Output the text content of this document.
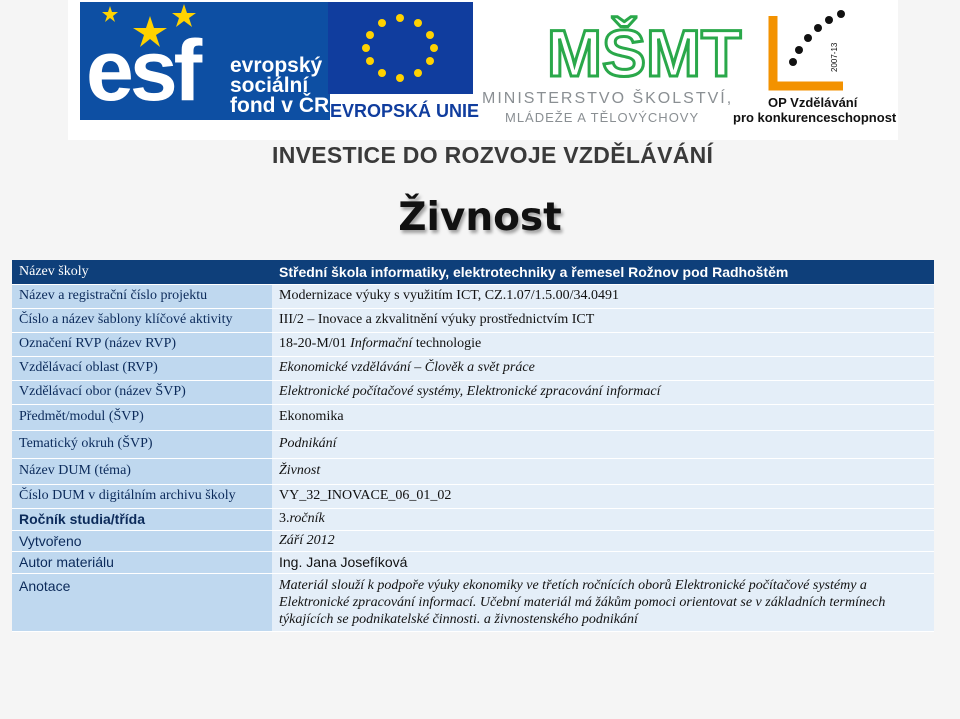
esf evropský
sociální
fond v ČR EVROPSKÁ UNIE
MŠMT
MINISTERSTVO ŠKOLSTVÍ,
MLÁDEŽE A TĚLOVÝCHOVY
2007-13
OP Vzdělávání
pro konkurenceschopnost
INVESTICE DO ROZVOJE VZDĚLÁVÁNÍ
Živnost
Název školy	Střední škola informatiky, elektrotechniky a řemesel Rožnov pod Radhoštěm
Název a registrační číslo projektu	Modernizace výuky s využitím ICT, CZ.1.07/1.5.00/34.0491
Číslo a název šablony klíčové aktivity	III/2 – Inovace a zkvalitnění výuky prostřednictvím ICT
Označení RVP (název RVP)	18-20-M/01 Informační technologie
Vzdělávací oblast (RVP)	Ekonomické vzdělávání – Člověk a svět práce
Vzdělávací obor (název ŠVP)	Elektronické počítačové systémy, Elektronické zpracování informací
Předmět/modul (ŠVP)	Ekonomika
Tematický okruh (ŠVP)	Podnikání
Název DUM (téma)	Živnost
Číslo DUM v digitálním archivu školy	VY_32_INOVACE_06_01_02
Ročník studia/třída	3.ročník
Vytvořeno	Září 2012
Autor materiálu	Ing. Jana Josefíková
Anotace	Materiál slouží k podpoře výuky ekonomiky ve třetích ročnících oborů Elektronické počítačové systémy a Elektronické zpracování informací. Učební materiál má žákům pomoci orientovat se v základních termínech týkajících se podnikatelské činnosti. a živnostenského podnikání
